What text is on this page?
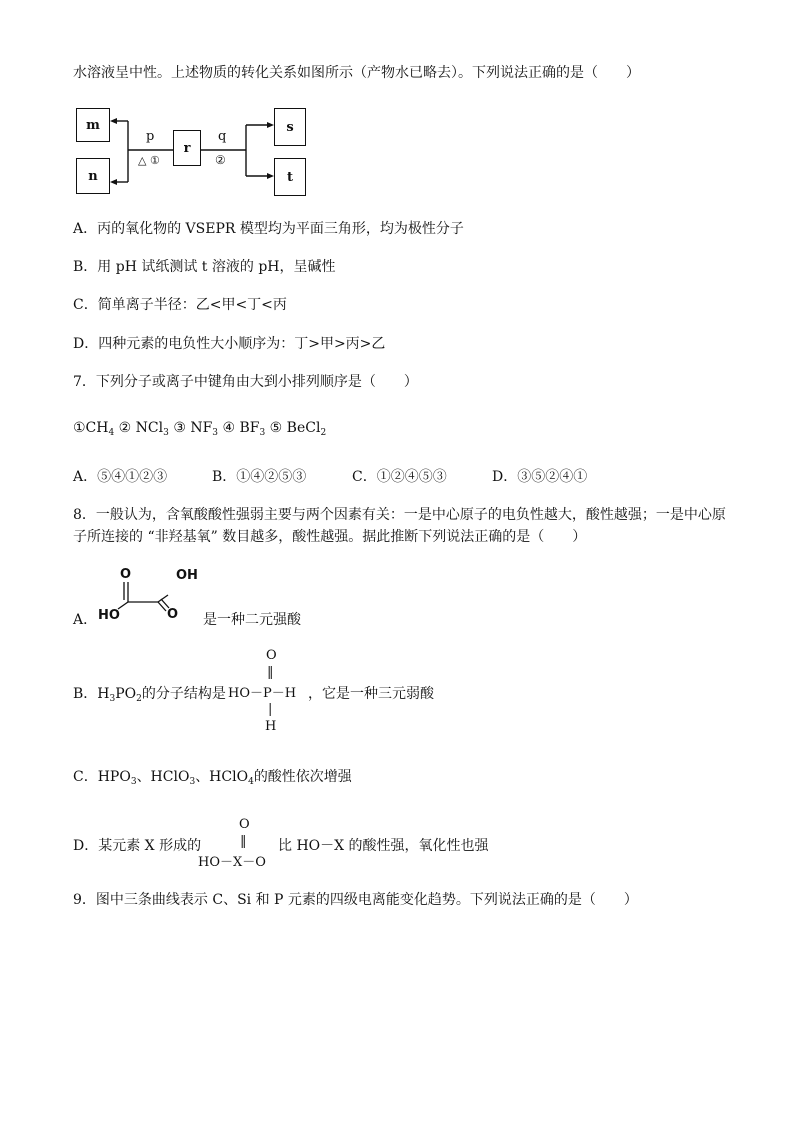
水溶液呈中性。上述物质的转化关系如图所示（产物水已略去）。下列说法正确的是（　　）
m
n
r
s
t
p
△ ①
q
②
A．丙的氧化物的 VSEPR 模型均为平面三角形，均为极性分子
B．用 pH 试纸测试 t 溶液的 pH，呈碱性
C．简单离子半径：乙<甲<丁<丙
D．四种元素的电负性大小顺序为：丁>甲>丙>乙
7．下列分子或离子中键角由大到小排列顺序是（　　）
$①CH_4$ ② NCl$_3$ ③ $NF_3$ ④ $BF_3$ ⑤ BeCl$_2$
A．⑤④①②③	B．①④②⑤③	C．①②④⑤③	D．③⑤②④①
8．一般认为，含氧酸酸性强弱主要与两个因素有关：一是中心原子的电负性越大，酸性越强；一是中心原
子所连接的 “非羟基氧” 数目越多，酸性越强。据此推断下列说法正确的是（　　）
A．
O	OH
HO	O 是一种二元强酸
B．$H_3PO_2$的分子结构是
O
‖
HO－P－H
|
H
，它是一种三元弱酸
C．$HPO_3$、HClO$_3$、HClO$_4$的酸性依次增强
D．某元素 X 形成的
O
‖
HO－X－O
比 HO－X 的酸性强，氧化性也强
9．图中三条曲线表示 C、Si 和 P 元素的四级电离能变化趋势。下列说法正确的是（　　）
